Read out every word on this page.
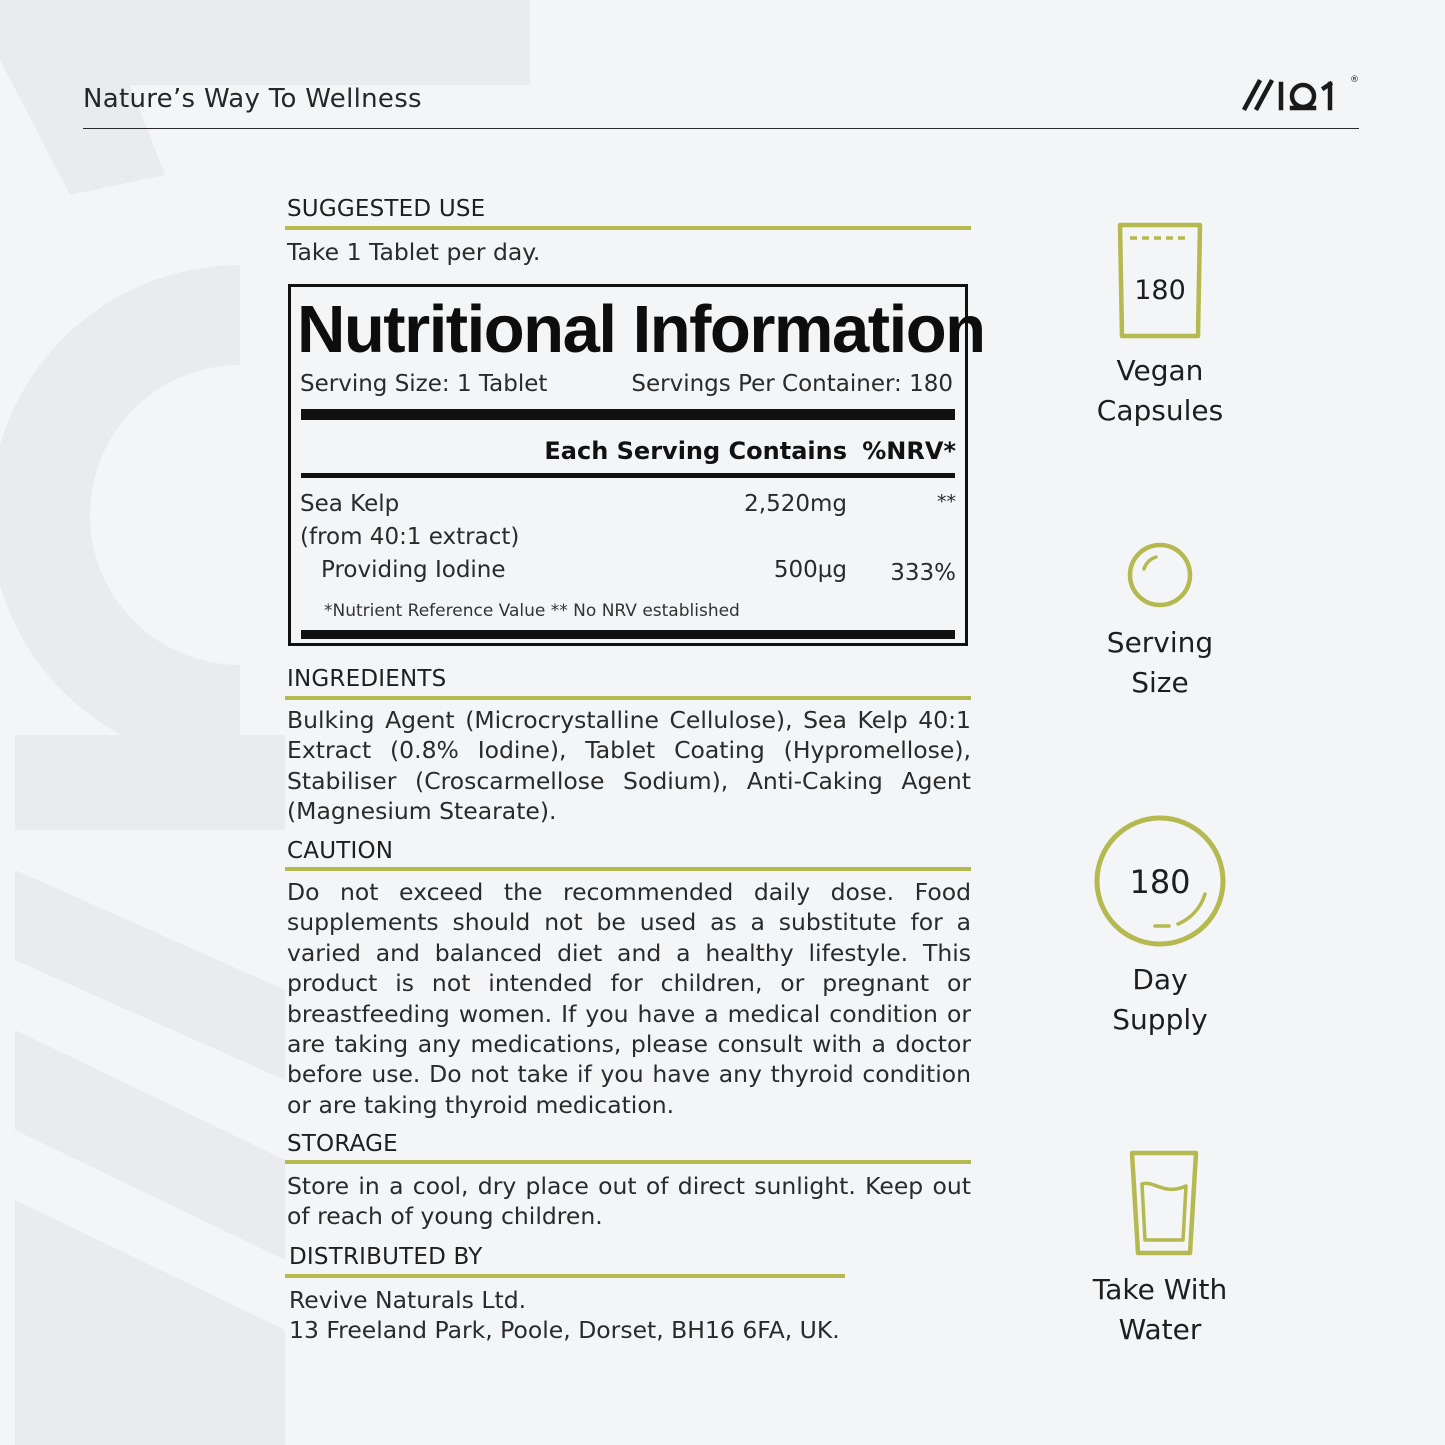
Nature’s Way To Wellness
®
SUGGESTED USE
Take 1 Tablet per day.
Nutritional Information
Serving Size: 1 Tablet	Servings Per Container: 180
Each Serving Contains %NRV*
Sea Kelp
(from 40:1 extract)
2,520mg	**
Providing Iodine	500µg 333%
*Nutrient Reference Value ** No NRV established
INGREDIENTS
Bulking Agent (Microcrystalline Cellulose), Sea Kelp 40:1 Extract (0.8% Iodine), Tablet Coating (Hypromellose), Stabiliser (Croscarmellose Sodium), Anti-Caking Agent (Magnesium Stearate).
CAUTION
Do not exceed the recommended daily dose. Food supplements should not be used as a substitute for a varied and balanced diet and a healthy lifestyle. This product is not intended for children, or pregnant or breastfeeding women. If you have a medical condition or are taking any medications, please consult with a doctor before use. Do not take if you have any thyroid condition or are taking thyroid medication.
STORAGE
Store in a cool, dry place out of direct sunlight. Keep out of reach of young children.
DISTRIBUTED BY
Revive Naturals Ltd.
13 Freeland Park, Poole, Dorset, BH16 6FA, UK.
180
Vegan
Capsules
Serving
Size
180
Day
Supply
Take With
Water
